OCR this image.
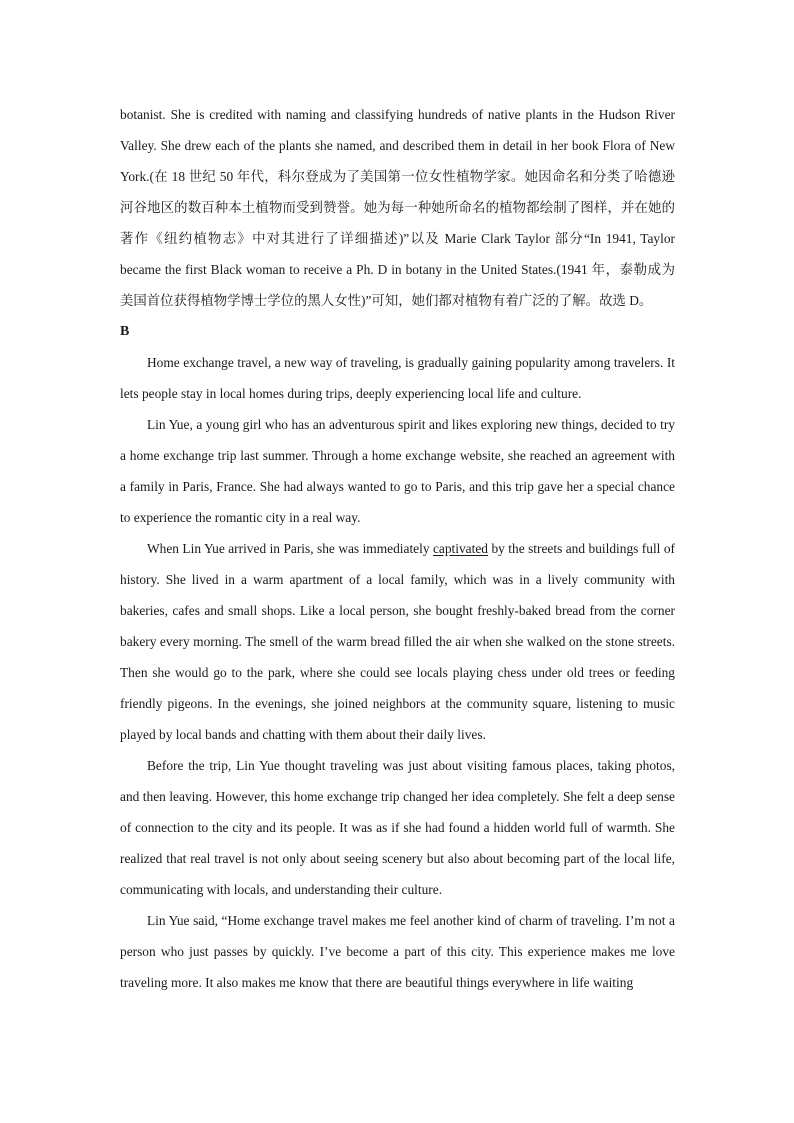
botanist. She is credited with naming and classifying hundreds of native plants in the Hudson River Valley. She drew each of the plants she named, and described them in detail in her book Flora of New York.(在 18 世纪 50 年代，科尔登成为了美国第一位女性植物学家。她因命名和分类了哈德逊河谷地区的数百种本土植物而受到赞誉。她为每一种她所命名的植物都绘制了图样，并在她的著作《纽约植物志》中对其进行了详细描述)”以及 Marie Clark Taylor 部分“In 1941, Taylor became the first Black woman to receive a Ph. D in botany in the United States.(1941 年，泰勒成为美国首位获得植物学博士学位的黑人女性)”可知，她们都对植物有着广泛的了解。故选 D。

B

Home exchange travel, a new way of traveling, is gradually gaining popularity among travelers. It lets people stay in local homes during trips, deeply experiencing local life and culture.

Lin Yue, a young girl who has an adventurous spirit and likes exploring new things, decided to try a home exchange trip last summer. Through a home exchange website, she reached an agreement with a family in Paris, France. She had always wanted to go to Paris, and this trip gave her a special chance to experience the romantic city in a real way.

When Lin Yue arrived in Paris, she was immediately captivated by the streets and buildings full of history. She lived in a warm apartment of a local family, which was in a lively community with bakeries, cafes and small shops. Like a local person, she bought freshly-baked bread from the corner bakery every morning. The smell of the warm bread filled the air when she walked on the stone streets. Then she would go to the park, where she could see locals playing chess under old trees or feeding friendly pigeons. In the evenings, she joined neighbors at the community square, listening to music played by local bands and chatting with them about their daily lives.

Before the trip, Lin Yue thought traveling was just about visiting famous places, taking photos, and then leaving. However, this home exchange trip changed her idea completely. She felt a deep sense of connection to the city and its people. It was as if she had found a hidden world full of warmth. She realized that real travel is not only about seeing scenery but also about becoming part of the local life, communicating with locals, and understanding their culture.

Lin Yue said, “Home exchange travel makes me feel another kind of charm of traveling. I’m not a person who just passes by quickly. I’ve become a part of this city. This experience makes me love traveling more. It also makes me know that there are beautiful things everywhere in life waiting
